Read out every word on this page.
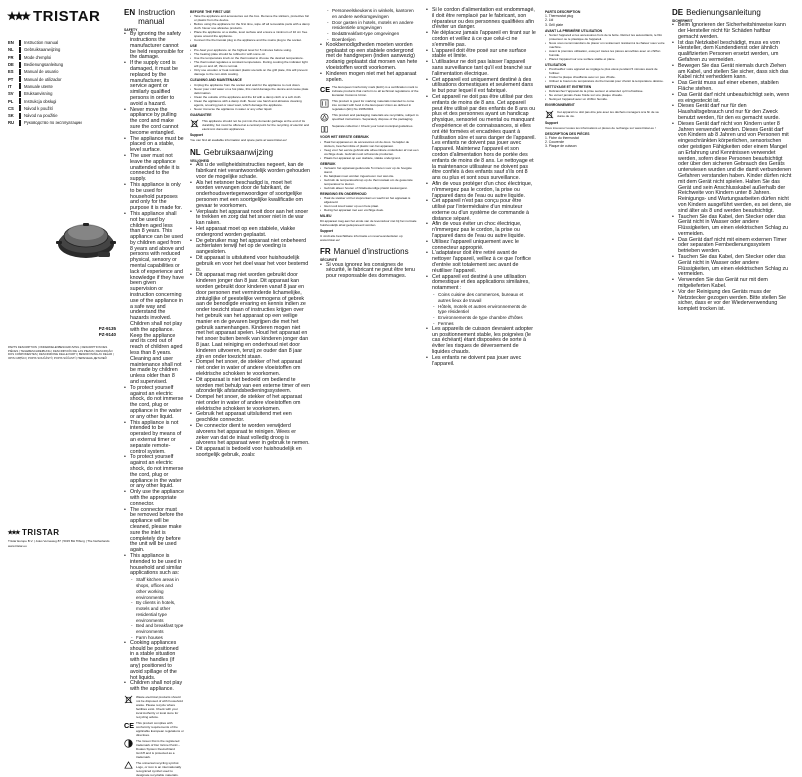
TRISTAR
EN	Instruction manual
NL	Gebruiksaanwijzing
FR	Mode d'emploi
DE	Bedienungsanleitung
ES	Manual de usuario
PT	Manual de utilizador
IT	Manuale utente
SV	Bruksanvisning
PL	Instrukcja obsługi
CS	Návod k použití
SK	Návod na použitie
RU	Руководство по эксплуатации
PZ-9135
PZ-9140
PARTS DESCRIPTION | ONDERDELENBESCHRIJVING | DESCRIPTION DES PIÈCES | TEILEBESCHREIBUNG | DESCRIPCIÓN DE LAS PIEZAS | DESCRIÇÃO DOS COMPONENTES | DESCRIZIONE DELLE PARTI | BESKRIVNING AV DELAR | OPIS CZĘŚCI | POPIS SOUČÁSTÍ | POPIS SÚČASTÍ | ПЕРЕЧЕНЬ ДЕТАЛЕЙ
TRISTAR
Tristar Europe B.V. | Jules Verneweg 87 | 5015 BH Tilburg | The Netherlands
www.tristar.eu
EN Instruction manual
SAFETY
• By ignoring the safety instructions the manufacturer cannot be held responsible for the damage.
• If the supply cord is damaged, it must be replaced by the manufacturer, its service agent or similarly qualified persons in order to avoid a hazard.
• Never move the appliance by pulling the cord and make sure the cord cannot become entangled.
• The appliance must be placed on a stable, level surface.
• The user must not leave the appliance unattended while it is connected to the supply.
• This appliance is only to be used for household purposes and only for the purpose it is made for.
• This appliance shall not be used by children aged less than 8 years. This appliance can be used by children aged from 8 years and above and persons with reduced physical, sensory or mental capabilities or lack of experience and knowledge if they have been given supervision or instruction concerning use of the appliance in a safe way and understand the hazards involved. Children shall not play with the appliance. Keep the appliance and its cord out of reach of children aged less than 8 years. Cleaning and user maintenance shall not be made by children unless older than 8 and supervised.
• To protect yourself against an electric shock, do not immerse the cord, plug or appliance in the water or any other liquid.
• This appliance is not intended to be operated by means of an external timer or separate remote-control system.
• To protect yourself against an electric shock, do not immerse the cord, plug or appliance in the water or any other liquid.
• Only use the appliance with the appropriate connector.
• The connector must be removed before the appliance will be cleaned, please make sure the inlet is completely dry before the unit will be used again.
• This appliance is intended to be used in household and similar applications such as:
- Staff kitchen areas in shops, offices and other working environments
- By clients in hotels, motels and other residential type environments
- Bed and breakfast type environments
- Farm houses
• Cooking appliances should be positioned in a stable situation with the handles (if any) positioned to avoid spillage of the hot liquids.
• Children shall not play with the appliance.
Waste electrical products should not be disposed of with household waste. Please recycle where facilities exist. Check with your local Authority or local store for recycling advice.
CE This product complies with conformity requirements of the applicable European regulations or directives.
The Green Dot is the registered trademark of Der Grüne Punkt – Duales System Deutschland GmbH and is protected as a trademark.
The universal recycling symbol. Logo, or icon is an internationally recognized symbol used to designate recyclable materials.
BEFORE THE FIRST USE
• Take the appliance and accessories out the box. Remove the stickers, protective foil or plastic from the device.
• Before using the appliance for the first time, wipe off all removable parts with a damp cloth. Never use abrasive products.
• Place the appliance on a stable, level surface and ensure a minimum of 10 cm free space around the appliance.
• Connect the thermostat plug to the appliance and the mains plug to the socket.
USE
• Pre-heat your appliance on the highest level for 5 minutes before using.
• The heating plate should be rubbed in with some oil.
• Use the temperature knob on the thermostat to choose the desired temperature.
• The thermostat regulates a constant temperature. During cooking the indicator light will go on and off, this is normal.
• Only use wooden or heat resistant plastic utensils on the grill plate, this will prevent damage to the non-stick coating.
CLEANING AND MAINTENANCE
• Unplug the appliance from the socket and wait for the appliance to cool down.
• Never pour cold water on a hot plate, this could damage the device and cause plate deformation.
• Clean the outside of the appliance and the lid with a damp cloth or a soft cloth.
• Clean the appliance with a damp cloth. Never use harsh and abrasive cleaning agents, scouring pad or steel wool, which damage the appliance.
• Never immerse the appliance in water or any other liquid.
GUARANTEE
This appliance should not be put into the domestic garbage at the end of its durability, but must be offered at a central point for the recycling of electric and electronic domestic appliances.
Support
You can find all available information and spare parts at www.tristar.eu!
NL Gebruiksaanwijzing
VEILIGHEID
• Als u de veiligheidsinstructies negeert, kan de fabrikant niet verantwoordelijk worden gehouden voor de mogelijke schade.
• Als het netsnoer beschadigd is, moet het worden vervangen door de fabrikant, de onderhoudsvertegenwoordiger of soortgelijke personen met een soortgelijke kwalificatie om gevaar te voorkomen.
• Verplaats het apparaat nooit door aan het snoer te trekken en zorg dat het snoer niet in de war kan raken.
• Het apparaat moet op een stabiele, vlakke ondergrond worden geplaatst.
• De gebruiker mag het apparaat niet onbeheerd achterlaten terwijl het op de voeding is aangesloten.
• Dit apparaat is uitsluitend voor huishoudelijk gebruik en voor het doel waar het voor bestemd is.
• Dit apparaat mag niet worden gebruikt door kinderen jonger dan 8 jaar. Dit apparaat kan worden gebruikt door kinderen vanaf 8 jaar en door personen met verminderde lichamelijke, zintuiglijke of geestelijke vermogens of gebrek aan de benodigde ervaring en kennis indien ze onder toezicht staan of instructies krijgen over het gebruik van het apparaat op een veilige manier en de gevaren begrijpen die met het gebruik samenhangen. Kinderen mogen niet met het apparaat spelen. Houd het apparaat en het snoer buiten bereik van kinderen jonger dan 8 jaar. Laat reiniging en onderhoud niet door kinderen uitvoeren, tenzij ze ouder dan 8 jaar zijn en onder toezicht staan.
• Dompel het snoer, de stekker of het apparaat niet onder in water of andere vloeistoffen om elektrische schokken te voorkomen.
• Dit apparaat is niet bedoeld om bediend te worden met behulp van een externe timer of een afzonderlijk afstandsbedieningssysteem.
• Dompel het snoer, de stekker of het apparaat niet onder in water of andere vloeistoffen om elektrische schokken te voorkomen.
• Gebruik het apparaat uitsluitend met een geschikte connector.
• De connector dient te worden verwijderd alvorens het apparaat te reinigen. Wees er zeker van dat de inlaat volledig droog is alvorens het apparaat weer in gebruik te nemen.
• Dit apparaat is bedoeld voor huishoudelijk en soortgelijk gebruik, zoals:
- Personeelskeukens in winkels, kantoren en andere werkomgevingen
- Door gasten in hotels, motels en andere residentiële omgevingen
- Bed&Breakfast-type omgevingen
- Boerderijen
• Kookbenodigdheden moeten worden geplaatst op een stabiele ondergrond met de handgrepen (indien aanwezig) zodanig geplaatst dat morsen van hete vloeistoffen wordt voorkomen.
• Kinderen mogen niet met het apparaat spelen.
CE The European Conformity mark (EAC) is a certification mark to indicate products that conform to all technical regulations of the Eurasian Customs Union.
This product is good for marking materials intended to come into contact with food in the European Union as defined in regulation (EC) No 1935/2004.
This product and packaging materials are recyclable, subject to specified instructions. Separately dispose of the packaging.
Separate collection / Check your local municipal guidelines.
VOOR HET EERSTE GEBRUIK
• Haal het apparaat en de accessoires uit de doos. Verwijder de stickers, beschermfolie of plastic van het apparaat.
• Veeg voor het eerste gebruik alle afneembare onderdelen af met een vochtige doek. Gebruik nooit schurende producten.
• Plaats het apparaat op een stabiele, vlakke ondergrond.
GEBRUIK
• Verwarm het apparaat gedurende 5 minuten voor op de hoogste stand.
• De bakplaat moet worden ingewreven met wat olie.
• Gebruik de temperatuurknop op de thermostaat om de gewenste temperatuur te kiezen.
• Gebruik alleen houten of hittebestendige plastic keukengerei.
REINIGING EN ONDERHOUD
• Haal de stekker uit het stopcontact en wacht tot het apparaat is afgekoeld.
• Giet nooit koud water op een hete plaat.
• Reinig het apparaat met een vochtige doek.
MILIEU
Dit apparaat mag aan het einde van de levensduur niet bij het normale huishoudelijk afval gedeponeerd worden.
Support
U vindt alle beschikbare informatie en reserveonderdelen op www.tristar.eu!
FR Manuel d'instructions
SÉCURITÉ
• Si vous ignorez les consignes de sécurité, le fabricant ne peut être tenu pour responsable des dommages.
• Si le cordon d'alimentation est endommagé, il doit être remplacé par le fabricant, son réparateur ou des personnes qualifiées afin d'éviter un danger.
• Ne déplacez jamais l'appareil en tirant sur le cordon et veillez à ce que celui-ci ne s'emmêle pas.
• L'appareil doit être posé sur une surface stable et limite.
• L'utilisateur ne doit pas laisser l'appareil sans surveillance tant qu'il est branché sur l'alimentation électrique.
• Cet appareil est uniquement destiné à des utilisations domestiques et seulement dans le but pour lequel il est fabriqué.
• Cet appareil ne doit pas être utilisé par des enfants de moins de 8 ans. Cet appareil peut être utilisé par des enfants de 8 ans ou plus et des personnes ayant un handicap physique, sensoriel ou mental ou manquant d'expérience et de connaissances, si elles ont été formées et encadrées quant à l'utilisation sûre et sans danger de l'appareil. Les enfants ne doivent pas jouer avec l'appareil. Maintenez l'appareil et son cordon d'alimentation hors de portée des enfants de moins de 8 ans. Le nettoyage et la maintenance utilisateur ne doivent pas être confiés à des enfants sauf s'ils ont 8 ans ou plus et sont sous surveillance.
• Afin de vous protéger d'un choc électrique, n'immergez pas le cordon, la prise ou l'appareil dans de l'eau ou autre liquide.
• Cet appareil n'est pas conçu pour être utilisé par l'intermédiaire d'un minuteur externe ou d'un système de commande à distance séparé.
• Afin de vous éviter un choc électrique, n'immergez pas le cordon, la prise ou l'appareil dans de l'eau ou autre liquide.
• Utilisez l'appareil uniquement avec le connecteur approprié.
• L'adaptateur doit être retiré avant de nettoyer l'appareil, veillez à ce que l'orifice d'entrée soit totalement sec avant de réutiliser l'appareil.
• Cet appareil est destiné à une utilisation domestique et des applications similaires, notamment :
- Coins cuisine des commerces, bureaux et autres lieux de travail
- Hôtels, motels et autres environnements de type résidentiel
- Environnements de type chambre d'hôtes
- Fermes
• Les appareils de cuisson devraient adopter un positionnement stable, les poignées (le cas échéant) étant disposées de sorte à éviter les risques de déversement de liquides chauds.
• Les enfants ne doivent pas jouer avec l'appareil.
PARTS DESCRIPTION
1. Thermostat plug
2. Lid
3. Grill plate
AVANT LA PREMIÈRE UTILISATION
• Sortez l'appareil et les accessoires hors de la boîte. Retirez les autocollants, le film protecteur ou le plastique de l'appareil.
• Nous vous recommandons de placer un revêtement résistant à la chaleur sous votre machine.
• Avant la première utilisation, essuyez toutes les pièces amovibles avec un chiffon humide.
• Placez l'appareil sur une surface stable et plane.
UTILISATION
• Préchauffez votre appareil au réglage le plus élevé pendant 5 minutes avant de l'utiliser.
• Frottez la plaque chauffante avec un peu d'huile.
• Utilisez le bouton de température du thermostat pour choisir la température désirée.
NETTOYAGE ET ENTRETIEN
• Débranchez l'appareil de la prise secteur et attendez qu'il refroidisse.
• Ne versez jamais d'eau froide sur une plaque chaude.
• Nettoyez l'appareil avec un chiffon humide.
ENVIRONNEMENT
Cet appareil ne doit pas être jeté avec les déchets ménagers à la fin de sa durée de vie.
Support
Vous trouverez toutes les informations et pièces de rechange sur www.tristar.eu !
DESCRIPTION DES PIÈCES
1. Fiche du thermostat
2. Couvercle
3. Plaque de cuisson
DE Bedienungsanleitung
SICHERHEIT
• Beim Ignorieren der Sicherheitshinweise kann der Hersteller nicht für Schäden haftbar gemacht werden.
• Ist das Netzkabel beschädigt, muss es vom Hersteller, dem Kundendienst oder ähnlich qualifizierten Personen ersetzt werden, um Gefahren zu vermeiden.
• Bewegen Sie das Gerät niemals durch Ziehen am Kabel, und stellen Sie sicher, dass sich das Kabel nicht verheddern kann.
• Das Gerät muss auf einer ebenen, stabilen Fläche stehen.
• Das Gerät darf nicht unbeaufsichtigt sein, wenn es eingesteckt ist.
• Dieses Gerät darf nur für den Haushaltsgebrauch und nur für den Zweck benutzt werden, für den es gemacht wurde.
• Dieses Gerät darf nicht von Kindern unter 8 Jahren verwendet werden. Dieses Gerät darf von Kindern ab 8 Jahren und von Personen mit eingeschränkten körperlichen, sensorischen oder geistigen Fähigkeiten oder einem Mangel an Erfahrung und Kenntnissen verwendet werden, sofern diese Personen beaufsichtigt oder über den sicheren Gebrauch des Geräts unterwiesen wurden und die damit verbundenen Gefahren verstanden haben. Kinder dürfen nicht mit dem Gerät nicht spielen. Halten Sie das Gerät und sein Anschlusskabel außerhalb der Reichweite von Kindern unter 8 Jahren. Reinigungs- und Wartungsarbeiten dürfen nicht von Kindern ausgeführt werden, es sei denn, sie sind älter als 8 und werden beaufsichtigt.
• Tauchen Sie das Kabel, den Stecker oder das Gerät nicht in Wasser oder andere Flüssigkeiten, um einen elektrischen Schlag zu vermeiden.
• Das Gerät darf nicht mit einem externen Timer oder separaten Fernbedienungssystem betrieben werden.
• Tauchen Sie das Kabel, den Stecker oder das Gerät nicht in Wasser oder andere Flüssigkeiten, um einen elektrischen Schlag zu vermeiden.
• Verwenden Sie das Gerät nur mit dem mitgelieferten Kabel.
• Vor der Reinigung des Geräts muss der Netzstecker gezogen werden. Bitte stellen Sie sicher, dass er vor der Wiederverwendung komplett trocken ist.
